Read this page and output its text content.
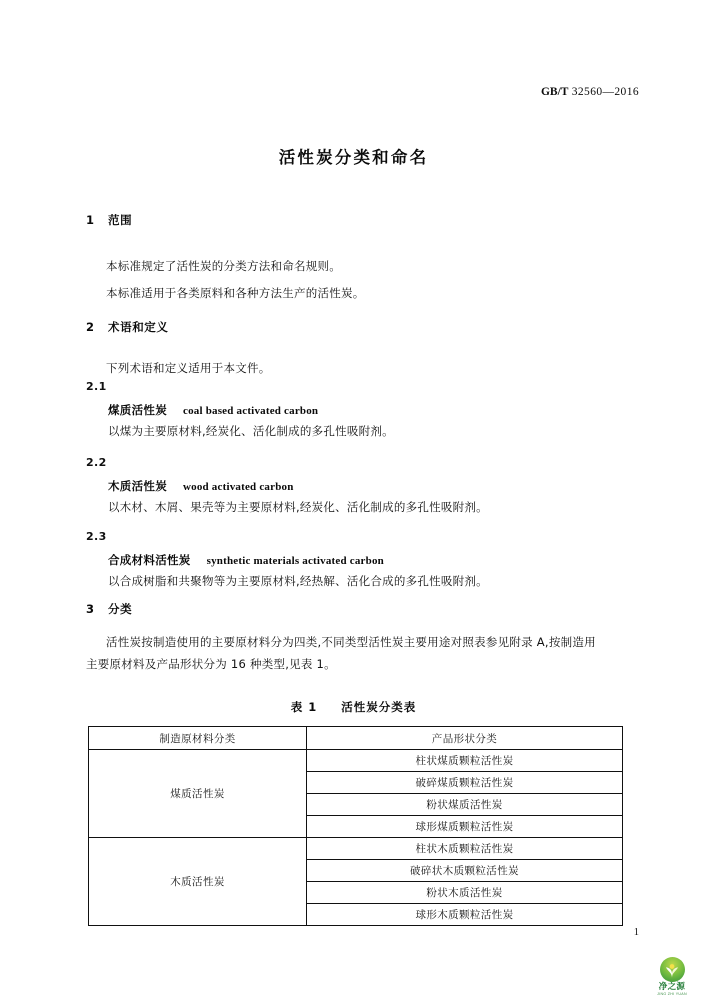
GB/T 32560—2016
活性炭分类和命名
1 范围
本标准规定了活性炭的分类方法和命名规则。
本标准适用于各类原料和各种方法生产的活性炭。
2 术语和定义
下列术语和定义适用于本文件。
2.1
煤质活性炭 coal based activated carbon
以煤为主要原材料,经炭化、活化制成的多孔性吸附剂。
2.2
木质活性炭 wood activated carbon
以木材、木屑、果壳等为主要原材料,经炭化、活化制成的多孔性吸附剂。
2.3
合成材料活性炭 synthetic materials activated carbon
以合成树脂和共聚物等为主要原材料,经热解、活化合成的多孔性吸附剂。
3 分类
活性炭按制造使用的主要原材料分为四类,不同类型活性炭主要用途对照表参见附录 A,按制造用
主要原材料及产品形状分为 16 种类型,见表 1。
表 1 活性炭分类表
制造原材料分类	产品形状分类
煤质活性炭	柱状煤质颗粒活性炭
	破碎煤质颗粒活性炭
	粉状煤质活性炭
	球形煤质颗粒活性炭
木质活性炭	柱状木质颗粒活性炭
	破碎状木质颗粒活性炭
	粉状木质活性炭
	球形木质颗粒活性炭
1
净之源
JING ZHI YUAN
